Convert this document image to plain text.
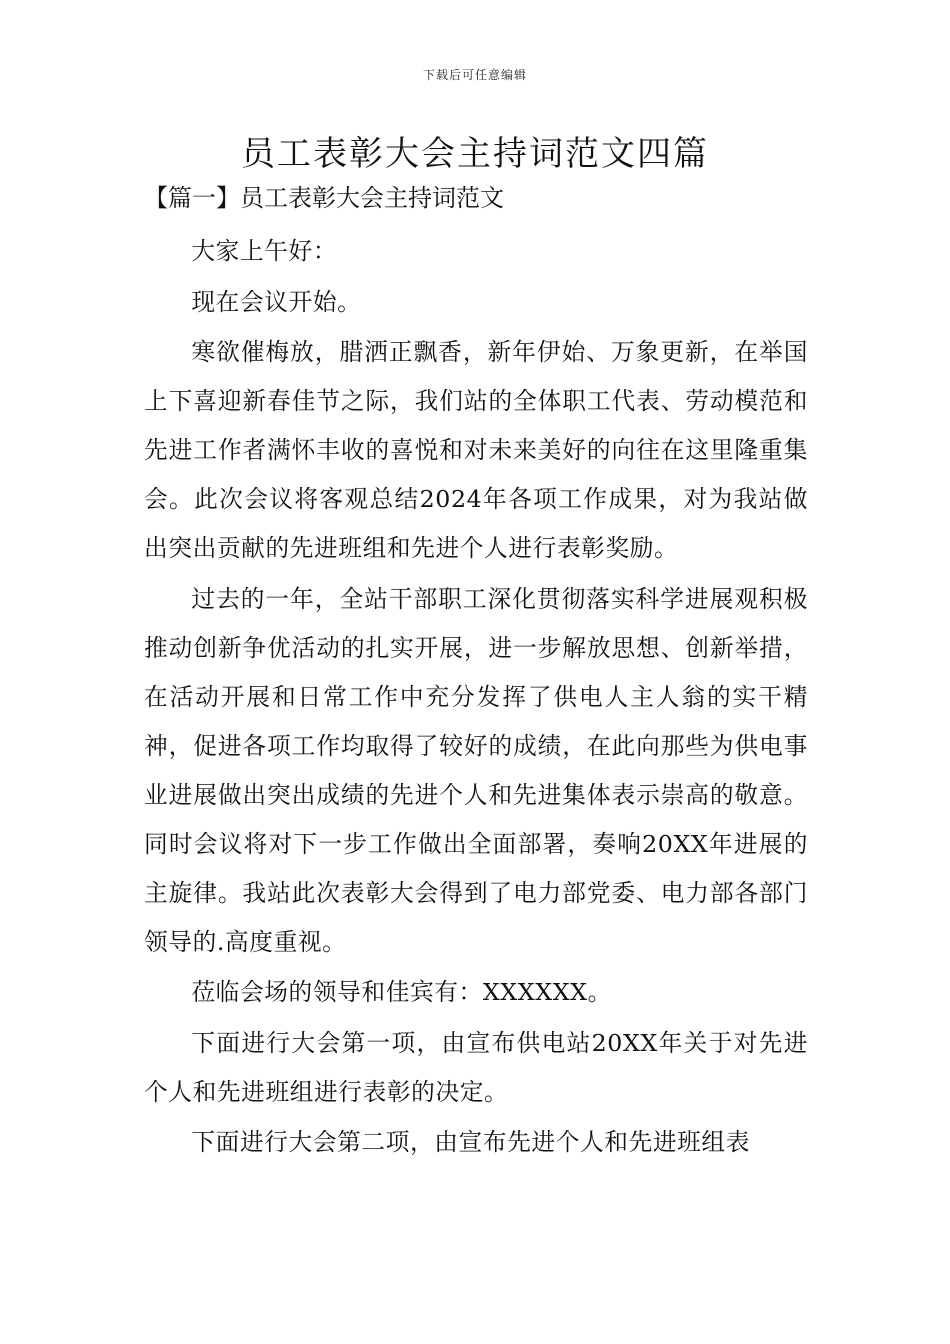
下载后可任意编辑
员工表彰大会主持词范文四篇
【篇一】员工表彰大会主持词范文

大家上午好：

现在会议开始。

寒欲催梅放，腊洒正飘香，新年伊始、万象更新，在举国上下喜迎新春佳节之际，我们站的全体职工代表、劳动模范和先进工作者满怀丰收的喜悦和对未来美好的向往在这里隆重集会。此次会议将客观总结2024年各项工作成果，对为我站做出突出贡献的先进班组和先进个人进行表彰奖励。

过去的一年，全站干部职工深化贯彻落实科学进展观积极推动创新争优活动的扎实开展，进一步解放思想、创新举措，在活动开展和日常工作中充分发挥了供电人主人翁的实干精神，促进各项工作均取得了较好的成绩，在此向那些为供电事业进展做出突出成绩的先进个人和先进集体表示崇高的敬意。同时会议将对下一步工作做出全面部署，奏响20XX年进展的主旋律。我站此次表彰大会得到了电力部党委、电力部各部门领导的.高度重视。

莅临会场的领导和佳宾有：XXXXXX。

下面进行大会第一项，由宣布供电站20XX年关于对先进个人和先进班组进行表彰的决定。

下面进行大会第二项，由宣布先进个人和先进班组表
